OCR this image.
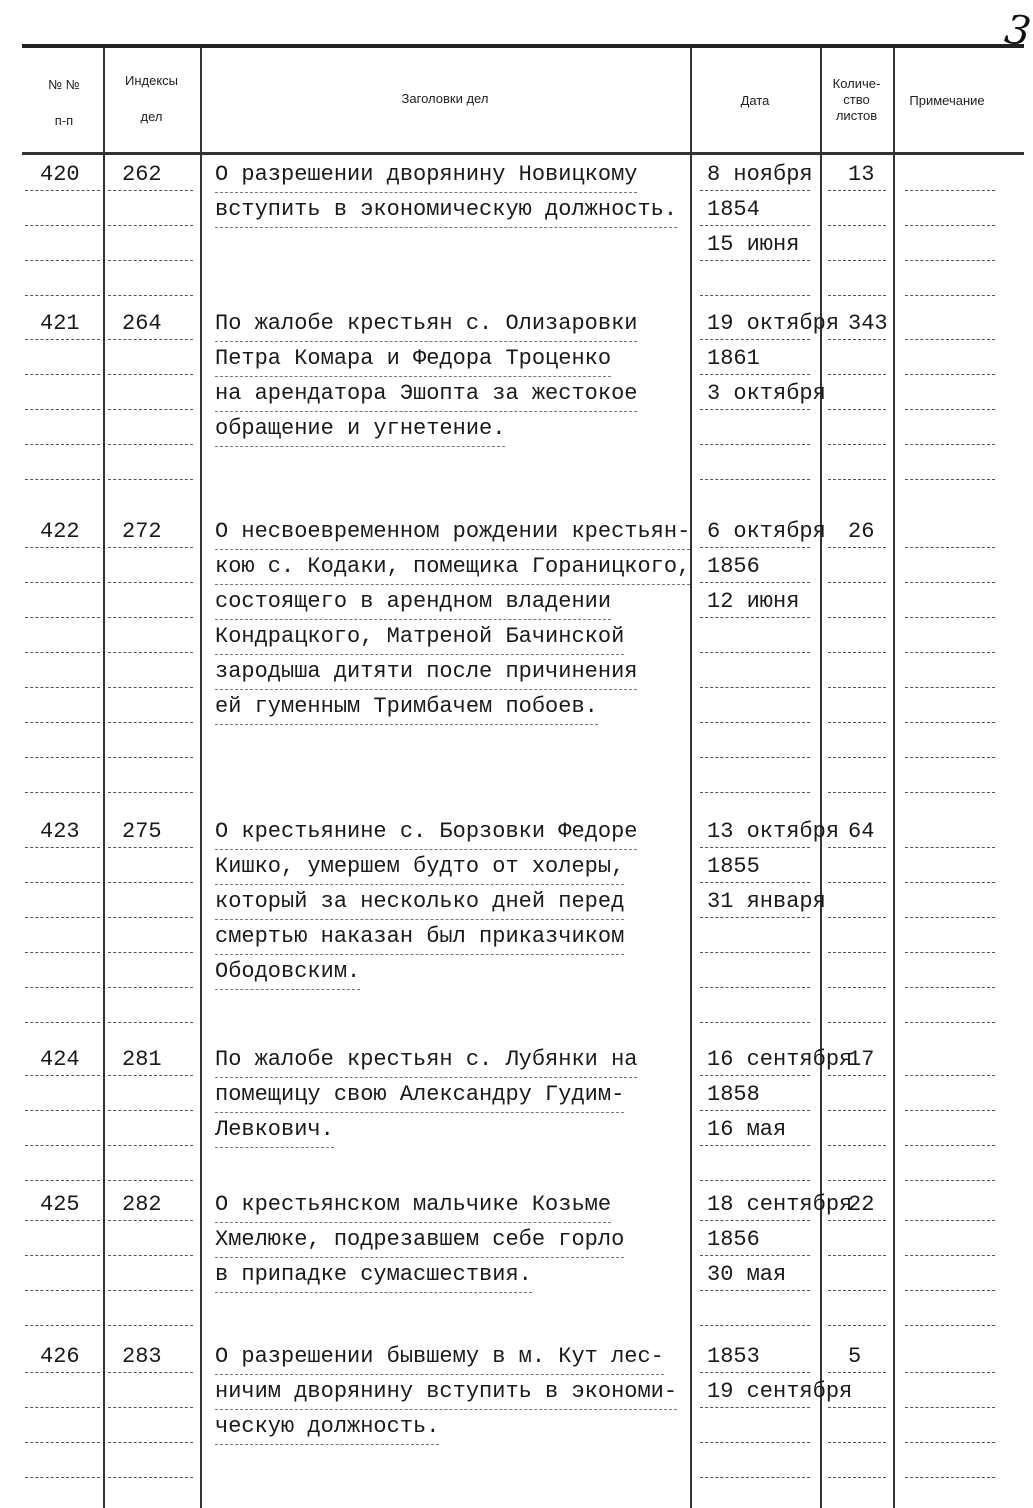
3
№ №
п-п
Индексы
дел
Заголовки дел	Дата
Количе-
ство
листов
Примечание
420 262 О разрешении дворянину Новицкому
вступить в экономическую должность.
8 ноября
1854
15 июня
13
421 264 По жалобе крестьян с. Олизаровки
Петра Комара и Федора Троценко
на арендатора Эшопта за жестокое
обращение и угнетение.
19 октября
1861
3 октября
343
422 272 О несвоевременном рождении крестьян-
кою с. Кодаки, помещика Гораницкого,
состоящего в арендном владении
Кондрацкого, Матреной Бачинской
зародыша дитяти после причинения
ей гуменным Тримбачем побоев.
6 октября
1856
12 июня
26
423 275 О крестьянине с. Борзовки Федоре
Кишко, умершем будто от холеры,
который за несколько дней перед
смертью наказан был приказчиком
Ободовским.
13 октября
1855
31 января
64
424 281 По жалобе крестьян с. Лубянки на
помещицу свою Александру Гудим-
Левкович.
16 сентября
1858
16 мая
17
425 282 О крестьянском мальчике Козьме
Хмелюке, подрезавшем себе горло
в припадке сумасшествия.
18 сентября
1856
30 мая
22
426 283 О разрешении бывшему в м. Кут лес-
ничим дворянину вступить в экономи-
ческую должность.
1853
19 сентября
5
